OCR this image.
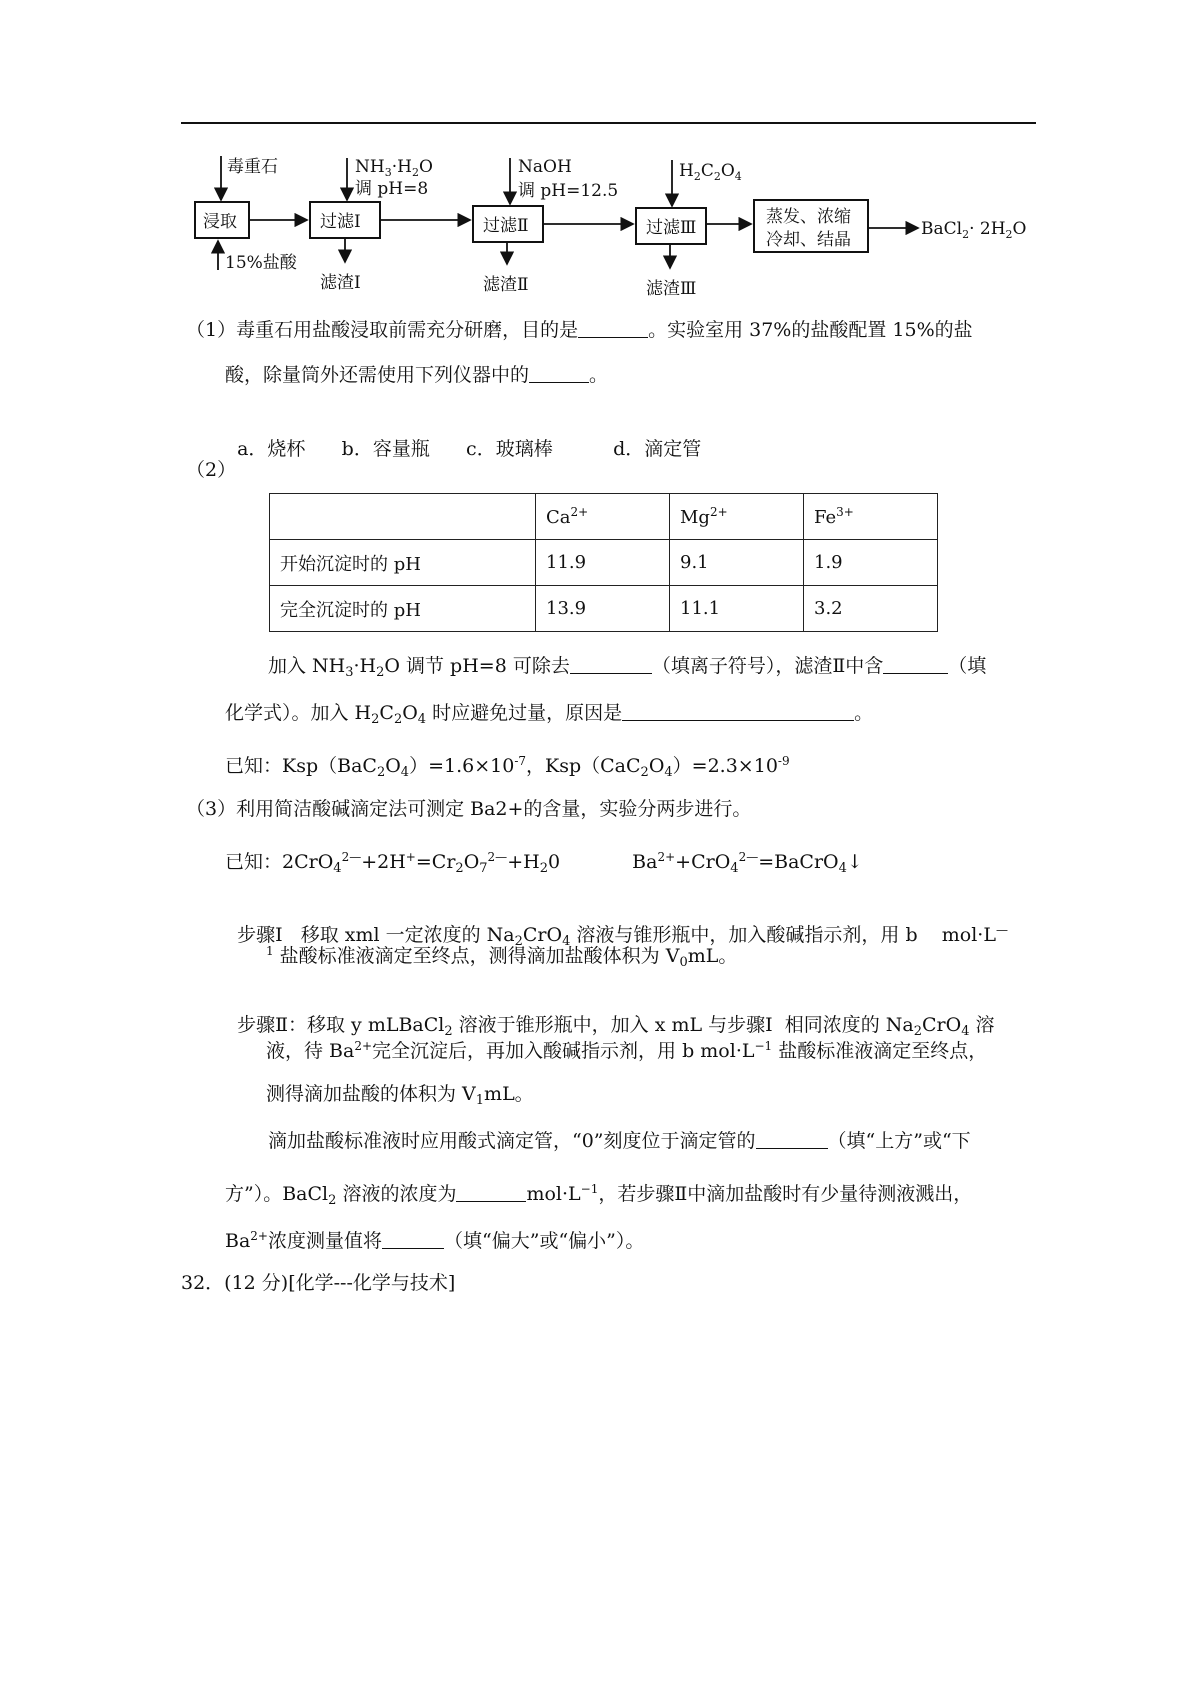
毒重石
浸取
15%盐酸
$NH_3\cdot H_2O$
调 pH=8
过滤Ⅰ
滤渣Ⅰ
NaOH
调 pH=12.5
过滤Ⅱ
滤渣Ⅱ
$H_2C_2O_4$
过滤Ⅲ
滤渣Ⅲ
蒸发、浓缩
冷却、结晶
BaCl$_2$· $2H_2O$
（1）毒重石用盐酸浸取前需充分研磨，目的是	。实验室用 37%的盐酸配置 15%的盐
酸，除量筒外还需使用下列仪器中的	。

a．烧杯      b．容量瓶      c．玻璃棒          d．滴定管

（2）
	$Ca^{2+}$	$Mg^{2+}$	$Fe^{3+}$
开始沉淀时的 pH	11.9	9.1	1.9
完全沉淀时的 pH	13.9	11.1	3.2
加入 $NH_3\cdot H_2O$ 调节 pH=8 可除去	（填离子符号），滤渣Ⅱ中含	（填
化学式）。加入 $H_2C_2O_4$ 时应避免过量，原因是	。
已知：$Ksp(BaC_2O_4)=1.6\times 10^{-7}$，$Ksp(CaC_2O_4)=2.3\times 10^{-9}$
（3）利用简洁酸碱滴定法可测定 Ba2+的含量，实验分两步进行。
已知：$2CrO_4^{2—}+2H^+=Cr_2O_7^{2—}+H_20$	$Ba^{2+}+CrO_4^{2—}=BaCrO_4↓$

步骤Ⅰ   移取 xml 一定浓度的 $Na_2CrO_4$ 溶液与锥形瓶中，加入酸碱指示剂，用 b    mol·L—

$^1$ 盐酸标准液滴定至终点，测得滴加盐酸体积为 $V_0mL$。

步骤Ⅱ：移取 y mLBaCl$_2$ 溶液于锥形瓶中，加入 x mL 与步骤Ⅰ  相同浓度的 $Na_2CrO_4$ 溶

液，待 $Ba^{2+}$完全沉淀后，再加入酸碱指示剂，用 b $mol\cdot L^{-1}$ 盐酸标准液滴定至终点，
测得滴加盐酸的体积为 $V_1mL$。
滴加盐酸标准液时应用酸式滴定管，“0”刻度位于滴定管的	（填“上方”或“下
方”）。BaCl$_2$ 溶液的浓度为	$mol\cdot L^{-1}$，若步骤Ⅱ中滴加盐酸时有少量待测液溅出，
$Ba^{2+}$浓度测量值将	（填“偏大”或“偏小”）。
32．(12 分)[化学---化学与技术]
